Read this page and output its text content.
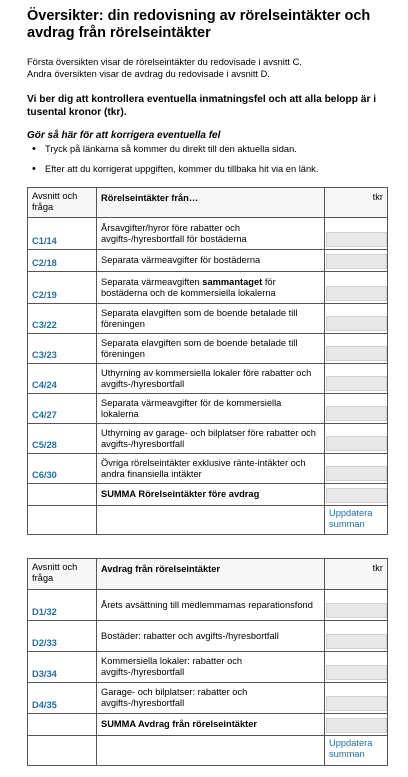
Översikter: din redovisning av rörelseintäkter och avdrag från rörelseintäkter
Första översikten visar de rörelseintäkter du redovisade i avsnitt C.
Andra översikten visar de avdrag du redovisade i avsnitt D.
Vi ber dig att kontrollera eventuella inmatningsfel och att alla belopp är i tusental kronor (tkr).
Gör så här för att korrigera eventuella fel
• Tryck på länkarna så kommer du direkt till den aktuella sidan.
• Efter att du korrigerat uppgiften, kommer du tillbaka hit via en länk.
Avsnitt och fråga	Rörelseintäkter från…	tkr
C1/14	Årsavgifter/hyror före rabatter och avgifts-/hyresbortfall för bostäderna	

C2/18	Separata värmeavgifter för bostäderna	

C2/19	Separata värmeavgiften sammantaget för bostäderna och de kommersiella lokalerna	

C3/22	Separata elavgiften som de boende betalade till föreningen	

C3/23	Separata elavgiften som de boende betalade till föreningen	

C4/24	Uthyrning av kommersiella lokaler före rabatter och avgifts-/hyresbortfall	

C4/27	Separata värmeavgifter för de kommersiella lokalerna	

C5/28	Uthyrning av garage- och bilplatser före rabatter och avgifts-/hyresbortfall	

C6/30	Övriga rörelseintäkter exklusive ränte-intäkter och andra finansiella intäkter	

	SUMMA Rörelseintäkter före avdrag	

		Uppdatera summan
Avsnitt och fråga	Avdrag från rörelseintäkter	tkr
D1/32	Årets avsättning till medlemmarnas reparationsfond	

D2/33	Bostäder: rabatter och avgifts-/hyresbortfall	

D3/34	Kommersiella lokaler: rabatter och avgifts-/hyresbortfall	

D4/35	Garage- och bilplatser: rabatter och avgifts-/hyresbortfall	

	SUMMA Avdrag från rörelseintäkter	

		Uppdatera summan
